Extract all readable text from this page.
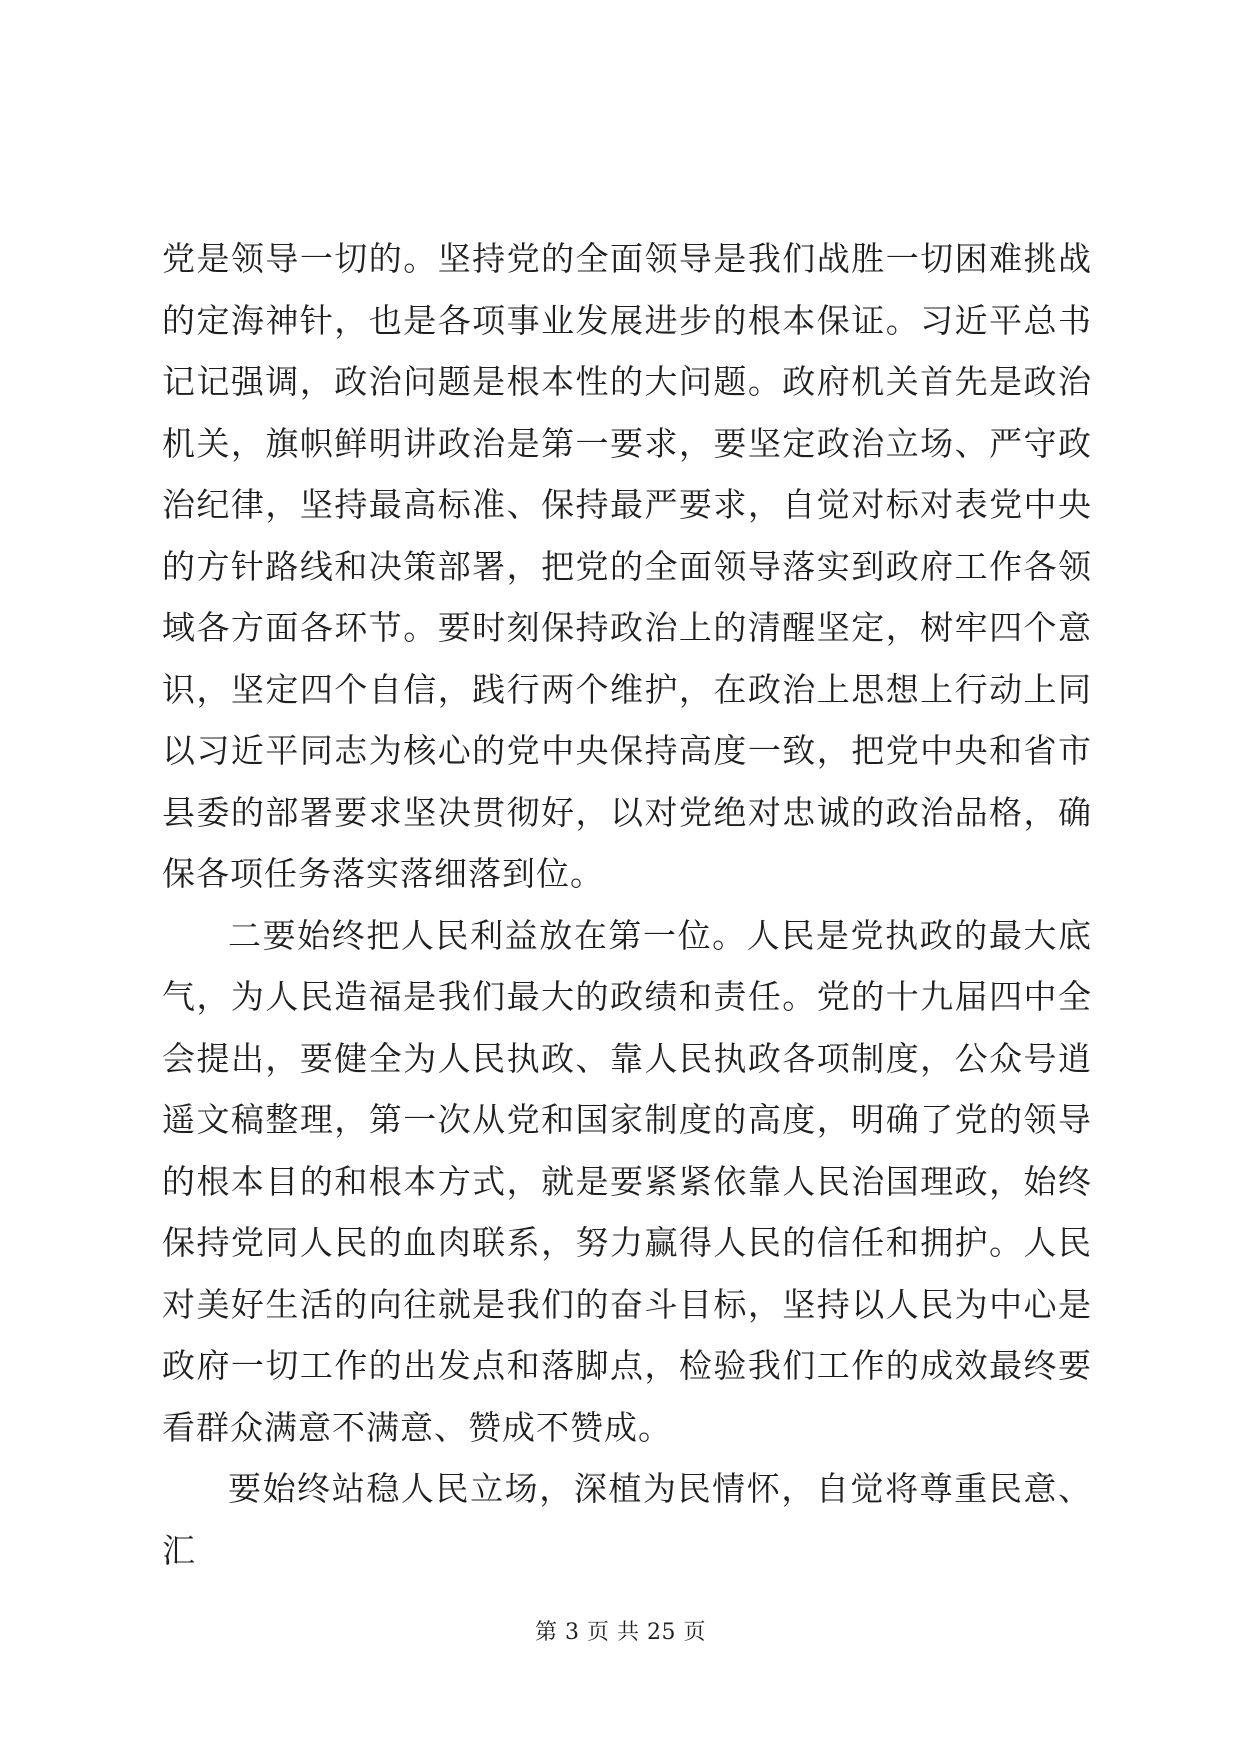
党是领导一切的。坚持党的全面领导是我们战胜一切困难挑战的定海神针，也是各项事业发展进步的根本保证。习近平总书记记强调，政治问题是根本性的大问题。政府机关首先是政治机关，旗帜鲜明讲政治是第一要求，要坚定政治立场、严守政治纪律，坚持最高标准、保持最严要求，自觉对标对表党中央的方针路线和决策部署，把党的全面领导落实到政府工作各领域各方面各环节。要时刻保持政治上的清醒坚定，树牢四个意识，坚定四个自信，践行两个维护，在政治上思想上行动上同以习近平同志为核心的党中央保持高度一致，把党中央和省市县委的部署要求坚决贯彻好，以对党绝对忠诚的政治品格，确保各项任务落实落细落到位。

二要始终把人民利益放在第一位。人民是党执政的最大底气，为人民造福是我们最大的政绩和责任。党的十九届四中全会提出，要健全为人民执政、靠人民执政各项制度，公众号逍遥文稿整理，第一次从党和国家制度的高度，明确了党的领导的根本目的和根本方式，就是要紧紧依靠人民治国理政，始终保持党同人民的血肉联系，努力赢得人民的信任和拥护。人民对美好生活的向往就是我们的奋斗目标，坚持以人民为中心是政府一切工作的出发点和落脚点，检验我们工作的成效最终要看群众满意不满意、赞成不赞成。

要始终站稳人民立场，深植为民情怀，自觉将尊重民意、汇

第 3 页 共 25 页
